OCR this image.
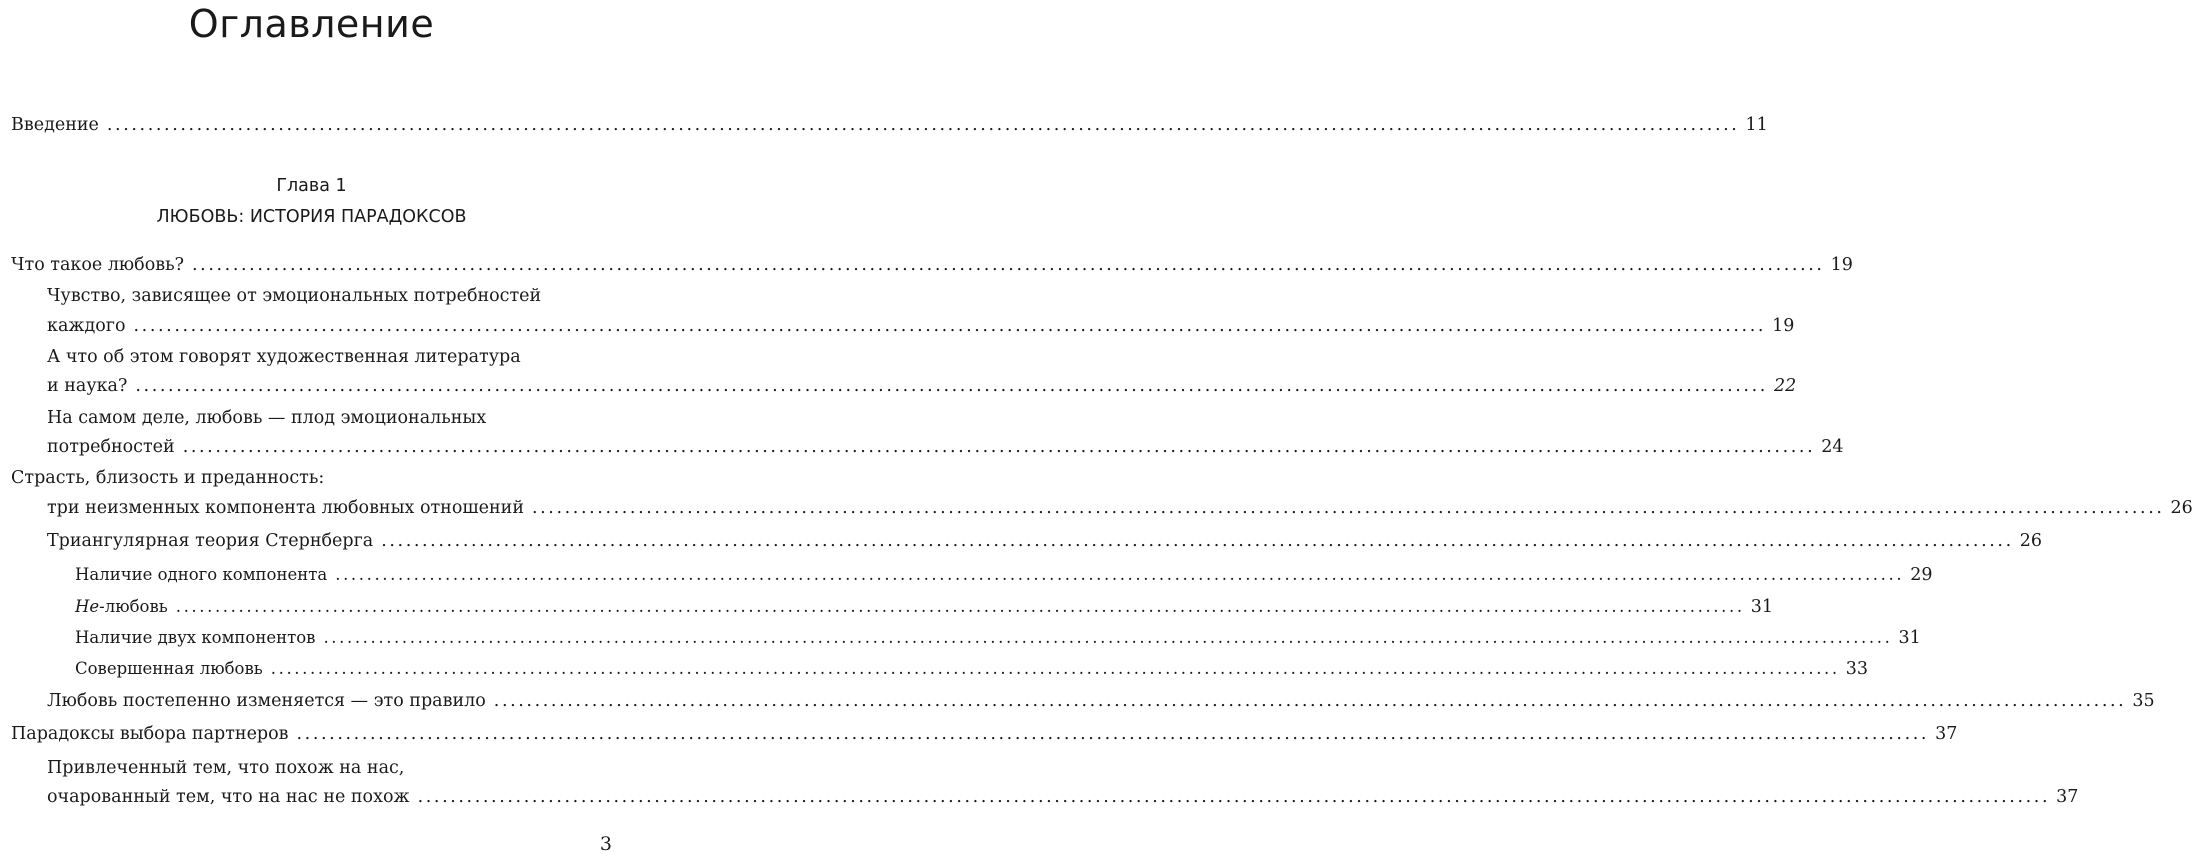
Оглавление
Введение ........................................................................................................................................................................................................ 11
Глава 1
ЛЮБОВЬ: ИСТОРИЯ ПАРАДОКСОВ
Что такое любовь? ........................................................................................................................................................................................................ 19
Чувство, зависящее от эмоциональных потребностей
каждого ........................................................................................................................................................................................................ 19
А что об этом говорят художественная литература
и наука? ........................................................................................................................................................................................................ 22
На самом деле, любовь — плод эмоциональных
потребностей ........................................................................................................................................................................................................ 24
Страсть, близость и преданность:
три неизменных компонента любовных отношений ........................................................................................................................................................................................................ 26
Триангулярная теория Стернберга ........................................................................................................................................................................................................ 26
Наличие одного компонента ........................................................................................................................................................................................................ 29
Не-любовь ........................................................................................................................................................................................................ 31
Наличие двух компонентов ........................................................................................................................................................................................................ 31
Совершенная любовь ........................................................................................................................................................................................................ 33
Любовь постепенно изменяется — это правило ........................................................................................................................................................................................................ 35
Парадоксы выбора партнеров ........................................................................................................................................................................................................ 37
Привлеченный тем, что похож на нас,
очарованный тем, что на нас не похож ........................................................................................................................................................................................................ 37
3
